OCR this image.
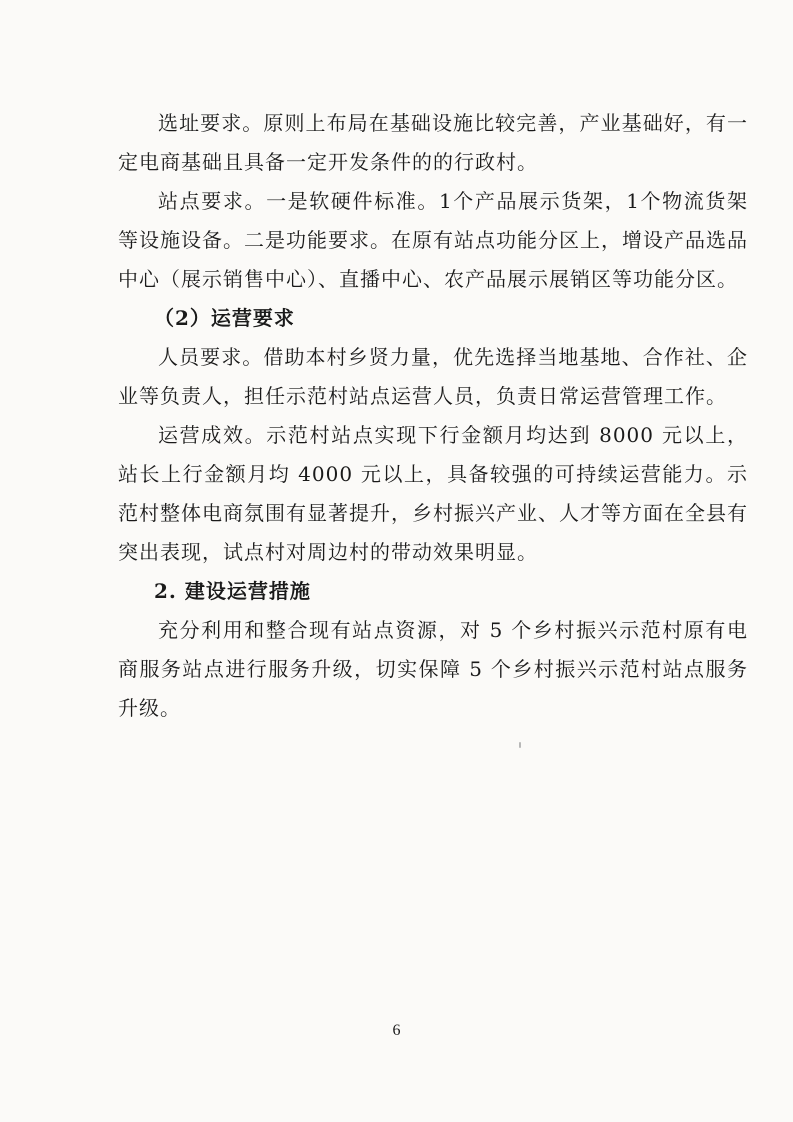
选址要求。原则上布局在基础设施比较完善，产业基础好，有一定电商基础且具备一定开发条件的的行政村。

站点要求。一是软硬件标准。1个产品展示货架，1个物流货架等设施设备。二是功能要求。在原有站点功能分区上，增设产品选品中心（展示销售中心）、直播中心、农产品展示展销区等功能分区。

（2）运营要求

人员要求。借助本村乡贤力量，优先选择当地基地、合作社、企业等负责人，担任示范村站点运营人员，负责日常运营管理工作。

运营成效。示范村站点实现下行金额月均达到 8000 元以上，站长上行金额月均 4000 元以上，具备较强的可持续运营能力。示范村整体电商氛围有显著提升，乡村振兴产业、人才等方面在全县有突出表现，试点村对周边村的带动效果明显。

2. 建设运营措施

充分利用和整合现有站点资源，对 5 个乡村振兴示范村原有电商服务站点进行服务升级，切实保障 5 个乡村振兴示范村站点服务升级。

6
